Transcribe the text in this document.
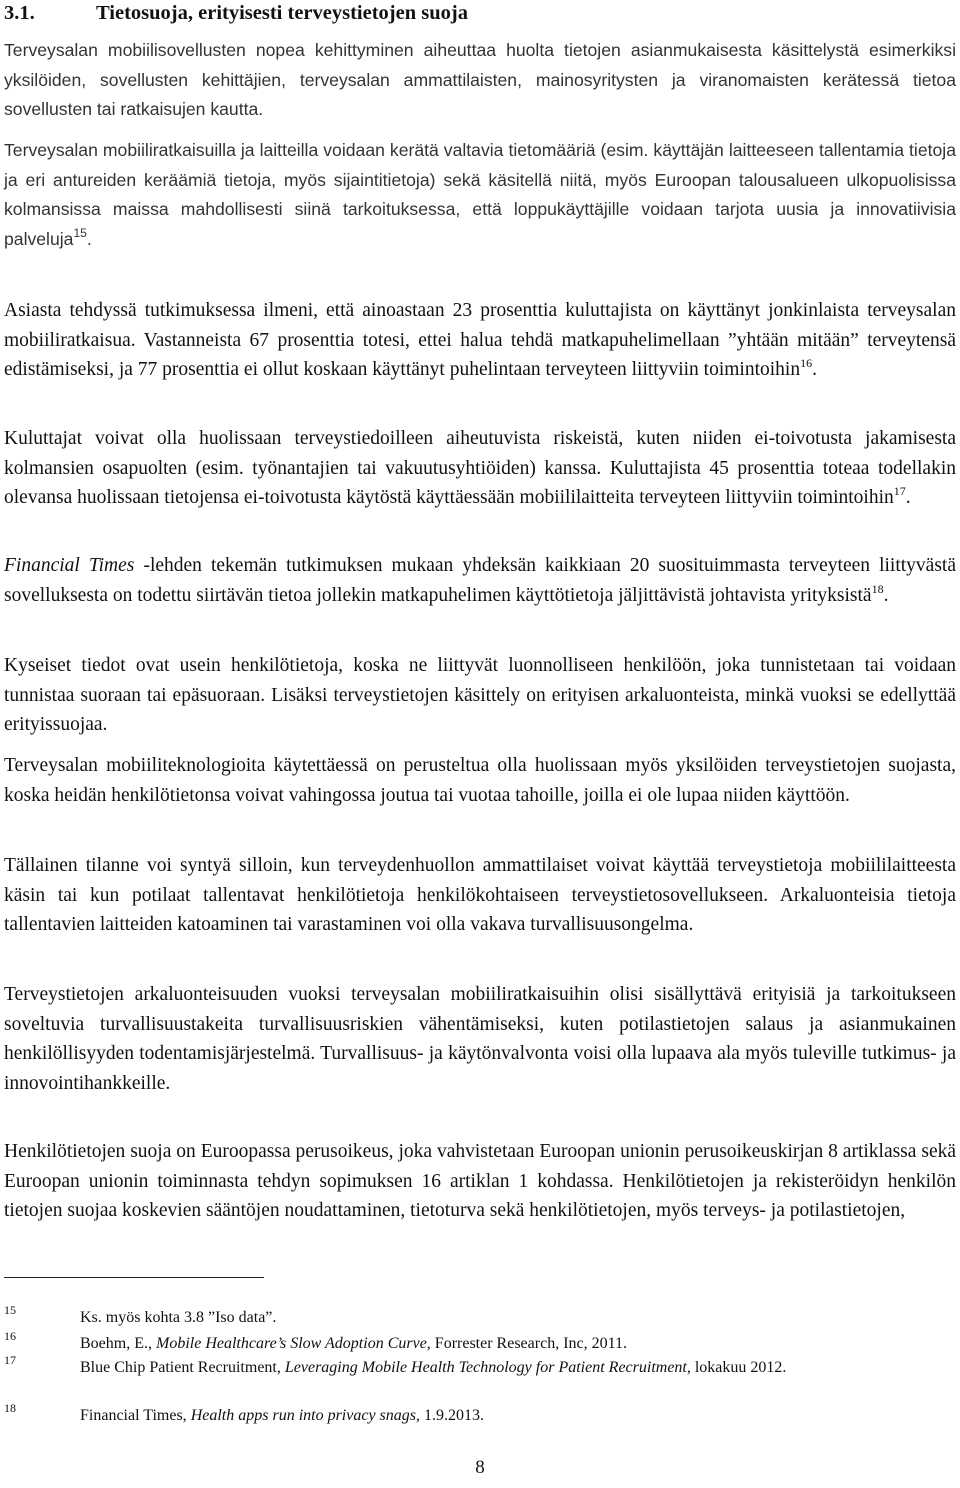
3.1.	Tietosuoja, erityisesti terveystietojen suoja

Terveysalan mobiilisovellusten nopea kehittyminen aiheuttaa huolta tietojen asianmukaisesta käsittelystä esimerkiksi yksilöiden, sovellusten kehittäjien, terveysalan ammattilaisten, mainosyritysten ja viranomaisten kerätessä tietoa sovellusten tai ratkaisujen kautta.

Terveysalan mobiiliratkaisuilla ja laitteilla voidaan kerätä valtavia tietomääriä (esim. käyttäjän laitteeseen tallentamia tietoja ja eri antureiden keräämiä tietoja, myös sijaintitietoja) sekä käsitellä niitä, myös Euroopan talousalueen ulkopuolisissa kolmansissa maissa mahdollisesti siinä tarkoituksessa, että loppukäyttäjille voidaan tarjota uusia ja innovatiivisia palveluja$^{15}$.

Asiasta tehdyssä tutkimuksessa ilmeni, että ainoastaan 23 prosenttia kuluttajista on käyttänyt jonkinlaista terveysalan mobiiliratkaisua. Vastanneista 67 prosenttia totesi, ettei halua tehdä matkapuhelimellaan ”yhtään mitään” terveytensä edistämiseksi, ja 77 prosenttia ei ollut koskaan käyttänyt puhelintaan terveyteen liittyviin toimintoihin$^{16}$.

Kuluttajat voivat olla huolissaan terveystiedoilleen aiheutuvista riskeistä, kuten niiden ei-toivotusta jakamisesta kolmansien osapuolten (esim. työnantajien tai vakuutusyhtiöiden) kanssa. Kuluttajista 45 prosenttia toteaa todellakin olevansa huolissaan tietojensa ei-toivotusta käytöstä käyttäessään mobiililaitteita terveyteen liittyviin toimintoihin$^{17}$.

Financial Times -lehden tekemän tutkimuksen mukaan yhdeksän kaikkiaan 20 suosituimmasta terveyteen liittyvästä sovelluksesta on todettu siirtävän tietoa jollekin matkapuhelimen käyttötietoja jäljittävistä johtavista yrityksistä$^{18}$.

Kyseiset tiedot ovat usein henkilötietoja, koska ne liittyvät luonnolliseen henkilöön, joka tunnistetaan tai voidaan tunnistaa suoraan tai epäsuoraan. Lisäksi terveystietojen käsittely on erityisen arkaluonteista, minkä vuoksi se edellyttää erityissuojaa.

Terveysalan mobiiliteknologioita käytettäessä on perusteltua olla huolissaan myös yksilöiden terveystietojen suojasta, koska heidän henkilötietonsa voivat vahingossa joutua tai vuotaa tahoille, joilla ei ole lupaa niiden käyttöön.

Tällainen tilanne voi syntyä silloin, kun terveydenhuollon ammattilaiset voivat käyttää terveystietoja mobiililaitteesta käsin tai kun potilaat tallentavat henkilötietoja henkilökohtaiseen terveystietosovellukseen. Arkaluonteisia tietoja tallentavien laitteiden katoaminen tai varastaminen voi olla vakava turvallisuusongelma.

Terveystietojen arkaluonteisuuden vuoksi terveysalan mobiiliratkaisuihin olisi sisällyttävä erityisiä ja tarkoitukseen soveltuvia turvallisuustakeita turvallisuusriskien vähentämiseksi, kuten potilastietojen salaus ja asianmukainen henkilöllisyyden todentamisjärjestelmä. Turvallisuus- ja käytönvalvonta voisi olla lupaava ala myös tuleville tutkimus- ja innovointihankkeille.

Henkilötietojen suoja on Euroopassa perusoikeus, joka vahvistetaan Euroopan unionin perusoikeuskirjan 8 artiklassa sekä Euroopan unionin toiminnasta tehdyn sopimuksen 16 artiklan 1 kohdassa. Henkilötietojen ja rekisteröidyn henkilön tietojen suojaa koskevien sääntöjen noudattaminen, tietoturva sekä henkilötietojen, myös terveys- ja potilastietojen,

15	Ks. myös kohta 3.8 ”Iso data”.
16	Boehm, E., Mobile Healthcare’s Slow Adoption Curve, Forrester Research, Inc, 2011.
17	Blue Chip Patient Recruitment, Leveraging Mobile Health Technology for Patient Recruitment, lokakuu 2012.
18	Financial Times, Health apps run into privacy snags, 1.9.2013.
8
